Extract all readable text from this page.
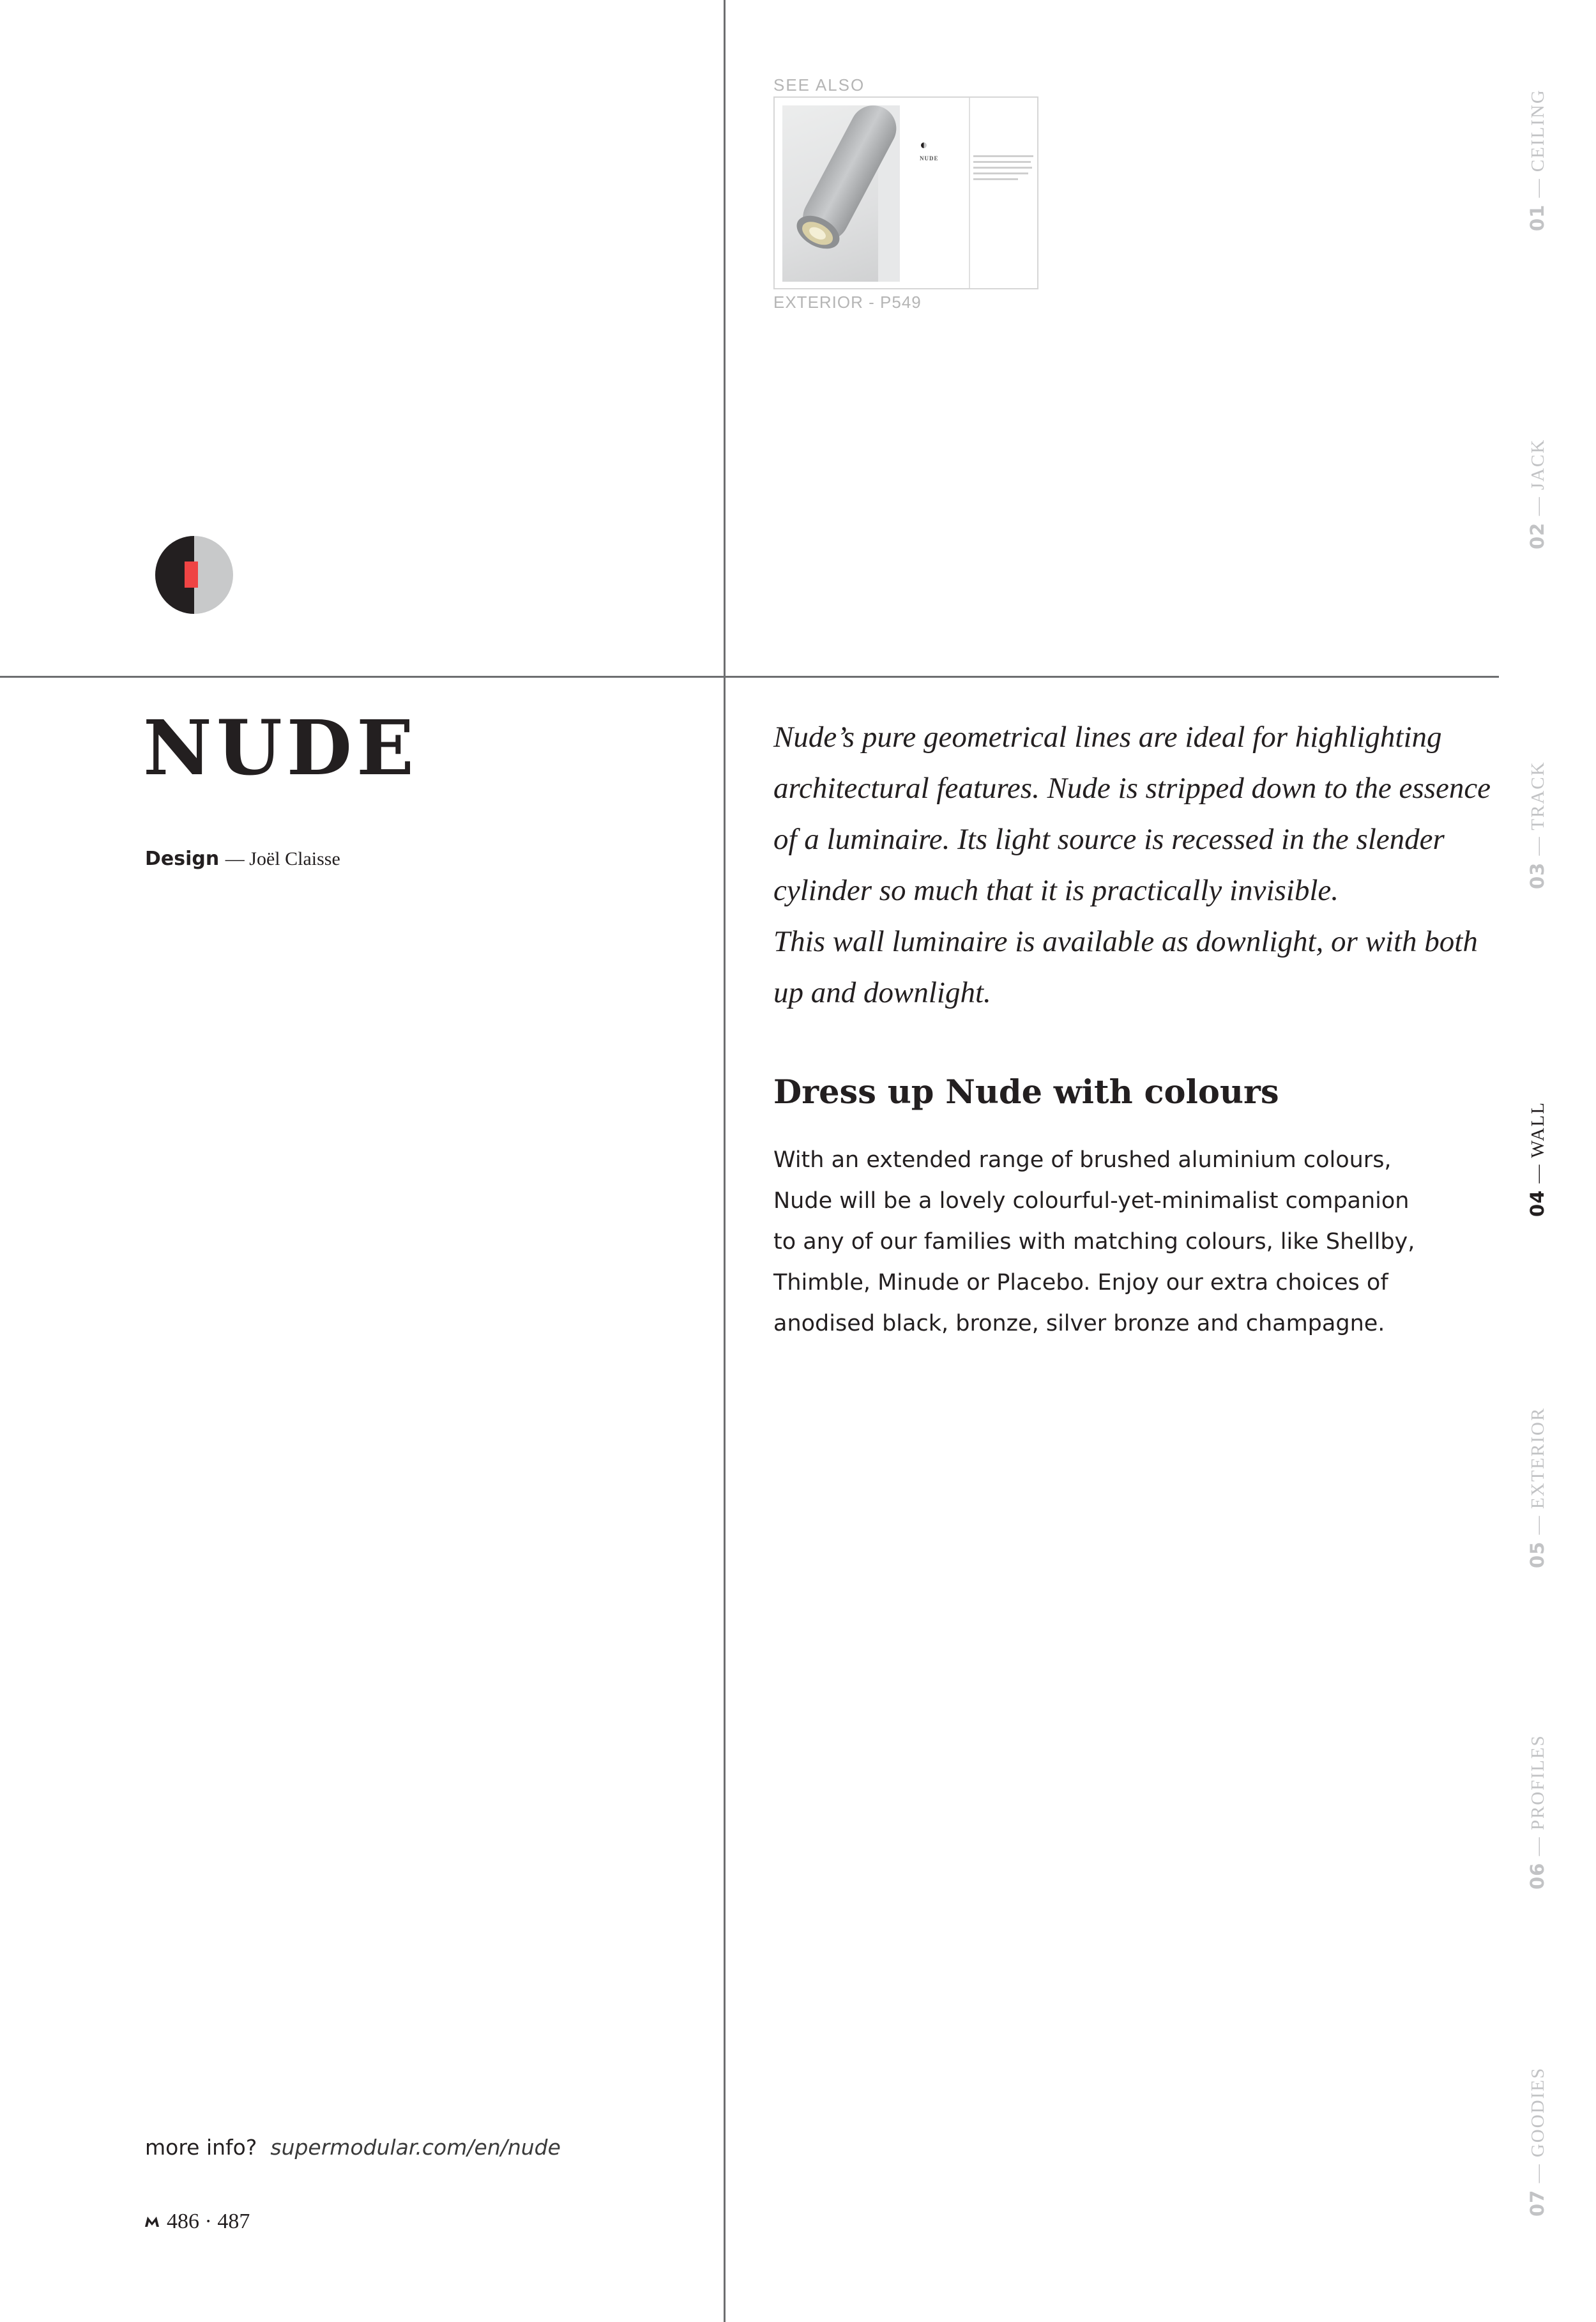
SEE ALSO
NUDE
EXTERIOR - P549
NUDE
Design — Joël Claisse

Nude’s pure geometrical lines are ideal for highlighting
architectural features. Nude is stripped down to the essence
of a luminaire. Its light source is recessed in the slender
cylinder so much that it is practically invisible.
This wall luminaire is available as downlight, or with both
up and downlight.

Dress up Nude with colours

With an extended range of brushed aluminium colours,
Nude will be a lovely colourful-yet-minimalist companion
to any of our families with matching colours, like Shellby,
Thimble, Minude or Placebo. Enjoy our extra choices of
anodised black, bronze, silver bronze and champagne.

01 — CEILING
02 — JACK
03 — TRACK
04 — WALL
05 — EXTERIOR
06 — PROFILES
07 — GOODIES
more info? supermodular.com/en/nude
486 · 487
